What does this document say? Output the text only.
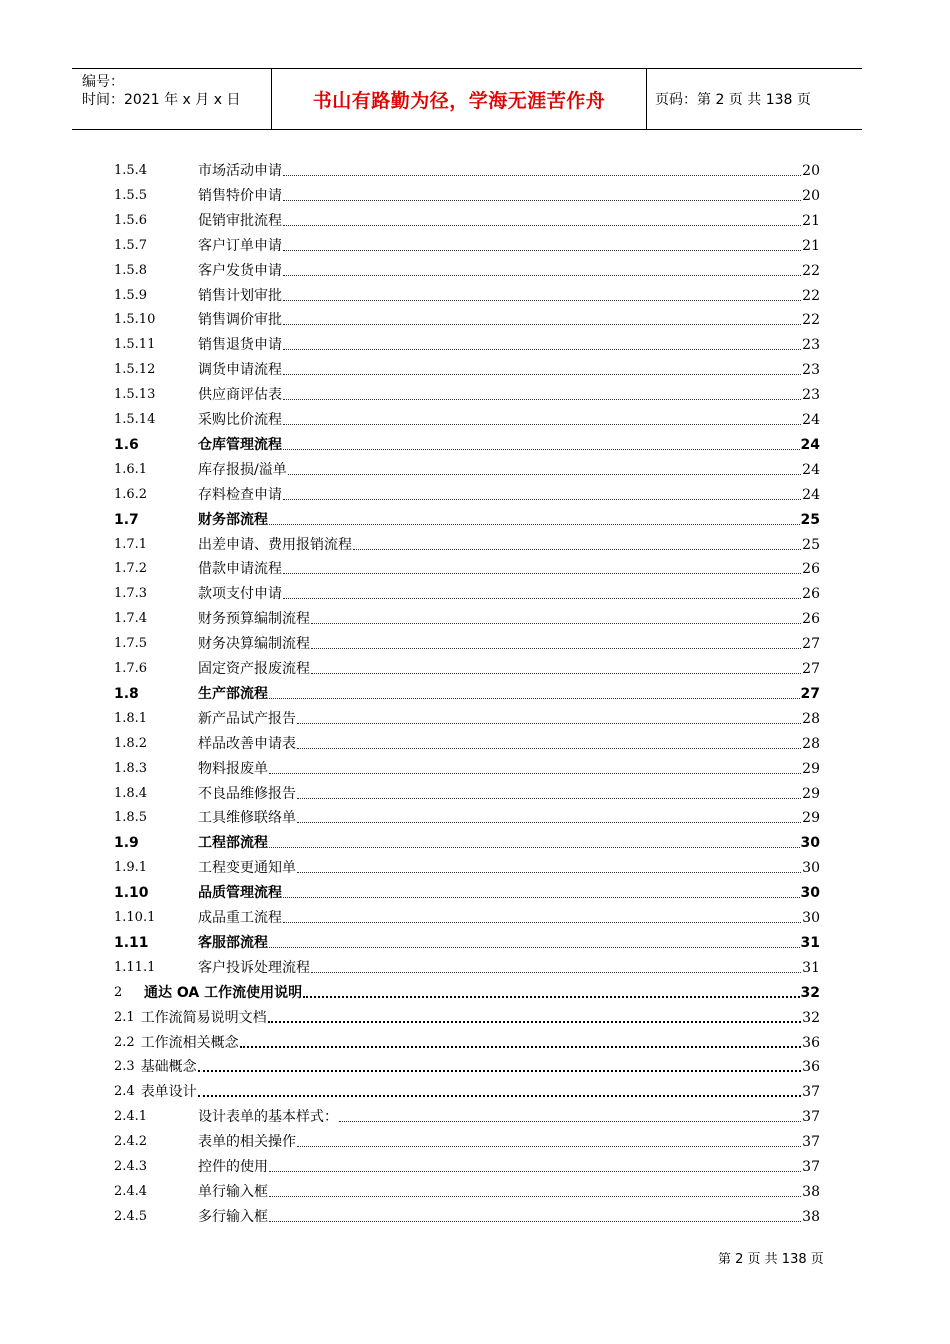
编号：
时间：2021 年 x 月 x 日	书山有路勤为径，学海无涯苦作舟	页码：第 2 页 共 138 页
1.5.4	市场活动申请	20
1.5.5	销售特价申请	20
1.5.6	促销审批流程	21
1.5.7	客户订单申请	21
1.5.8	客户发货申请	22
1.5.9	销售计划审批	22
1.5.10	销售调价审批	22
1.5.11	销售退货申请	23
1.5.12	调货申请流程	23
1.5.13	供应商评估表	23
1.5.14	采购比价流程	24
1.6	仓库管理流程	24
1.6.1	库存报损/溢单	24
1.6.2	存料检查申请	24
1.7	财务部流程	25
1.7.1	出差申请、费用报销流程	25
1.7.2	借款申请流程	26
1.7.3	款项支付申请	26
1.7.4	财务预算编制流程	26
1.7.5	财务决算编制流程	27
1.7.6	固定资产报废流程	27
1.8	生产部流程	27
1.8.1	新产品试产报告	28
1.8.2	样品改善申请表	28
1.8.3	物料报废单	29
1.8.4	不良品维修报告	29
1.8.5	工具维修联络单	29
1.9	工程部流程	30
1.9.1	工程变更通知单	30
1.10	品质管理流程	30
1.10.1	成品重工流程	30
1.11	客服部流程	31
1.11.1	客户投诉处理流程	31
2	通达 OA 工作流使用说明	32
2.1 工作流简易说明文档	32
2.2 工作流相关概念	36
2.3 基础概念	36
2.4 表单设计	37
2.4.1	设计表单的基本样式：	37
2.4.2	表单的相关操作	37
2.4.3	控件的使用	37
2.4.4	单行输入框	38
2.4.5	多行输入框	38
第 2 页 共 138 页
